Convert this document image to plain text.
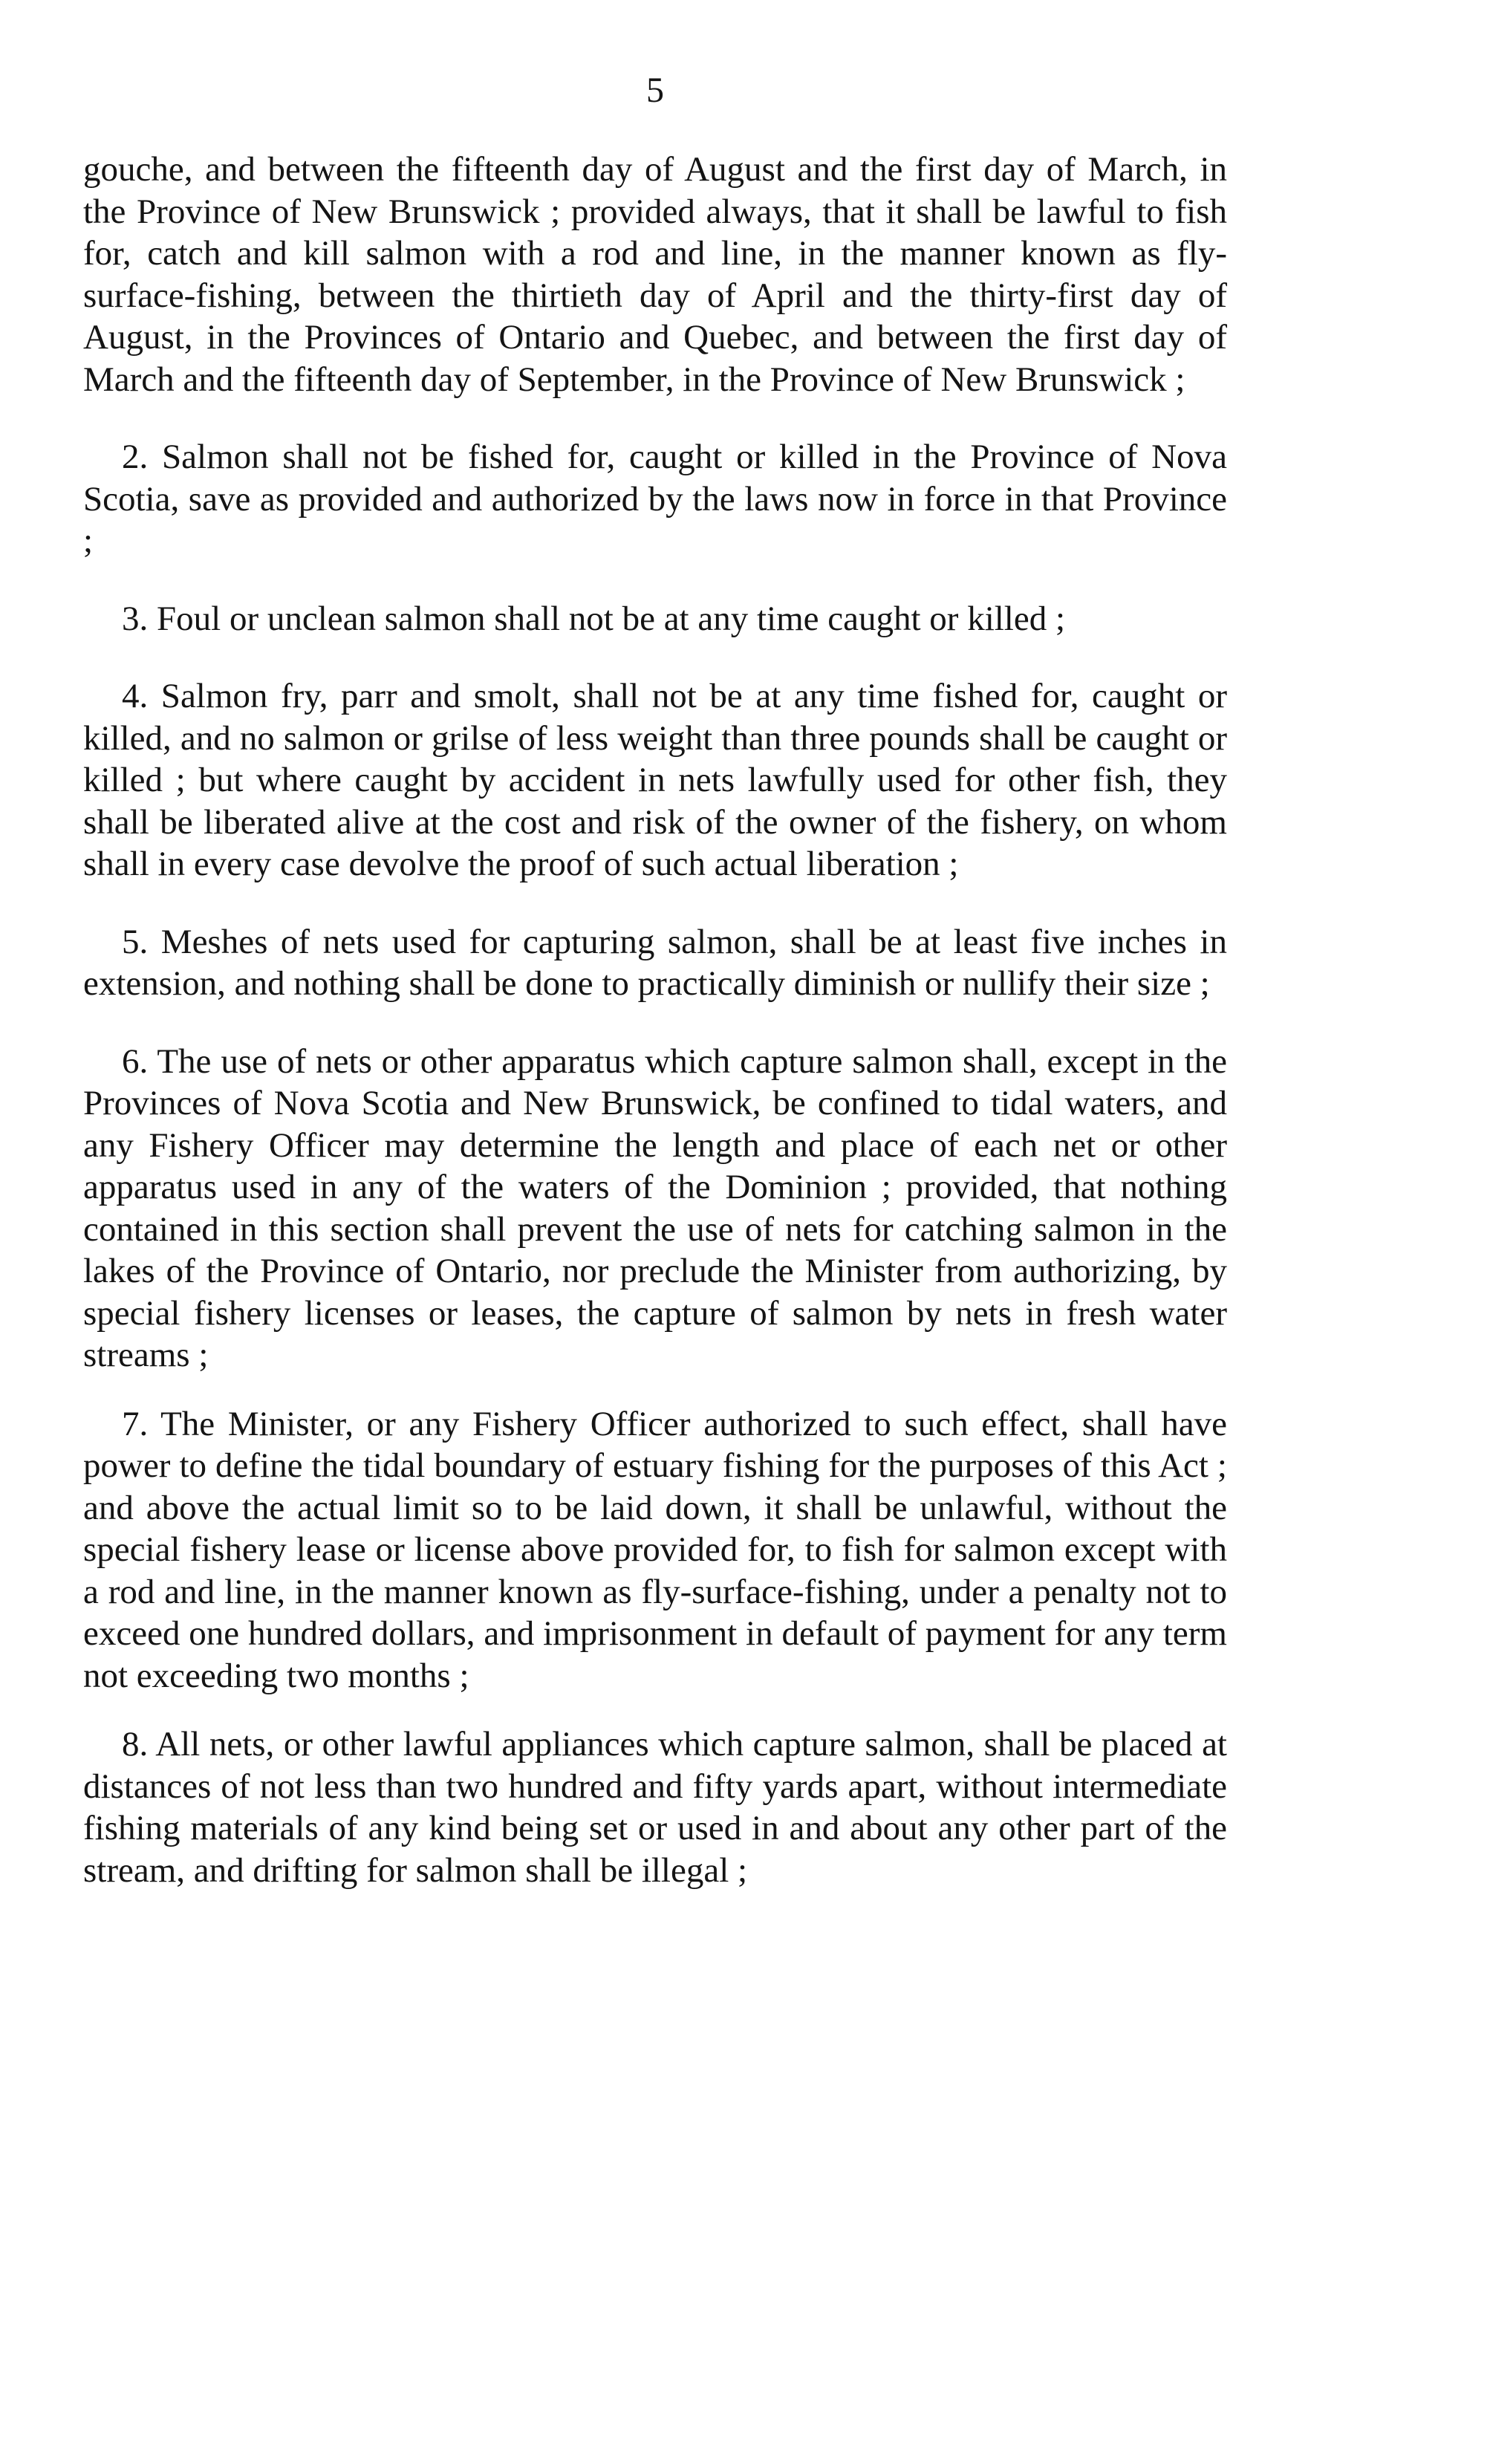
5

gouche, and between the fifteenth day of August and the first day of March, in the Province of New Brunswick ; provided always, that it shall be lawful to fish for, catch and kill salmon with a rod and line, in the manner known as fly-surface-fishing, between the thirtieth day of April and the thirty-first day of August, in the Provinces of Ontario and Quebec, and between the first day of March and the fifteenth day of September, in the Province of New Brunswick ;

2. Salmon shall not be fished for, caught or killed in the Province of Nova Scotia, save as provided and authorized by the laws now in force in that Province ;

3. Foul or unclean salmon shall not be at any time caught or killed ;

4. Salmon fry, parr and smolt, shall not be at any time fished for, caught or killed, and no salmon or grilse of less weight than three pounds shall be caught or killed ; but where caught by accident in nets lawfully used for other fish, they shall be liberated alive at the cost and risk of the owner of the fishery, on whom shall in every case devolve the proof of such actual liberation ;

5. Meshes of nets used for capturing salmon, shall be at least five inches in extension, and nothing shall be done to practically diminish or nullify their size ;

6. The use of nets or other apparatus which capture salmon shall, except in the Provinces of Nova Scotia and New Brunswick, be confined to tidal waters, and any Fishery Officer may determine the length and place of each net or other apparatus used in any of the waters of the Dominion ; provided, that nothing contained in this section shall prevent the use of nets for catching salmon in the lakes of the Province of Ontario, nor preclude the Minister from authorizing, by special fishery licenses or leases, the capture of salmon by nets in fresh water streams ;

7. The Minister, or any Fishery Officer authorized to such effect, shall have power to define the tidal boundary of estuary fishing for the purposes of this Act ; and above the actual limit so to be laid down, it shall be unlawful, without the special fishery lease or license above provided for, to fish for salmon except with a rod and line, in the manner known as fly-surface-fishing, under a penalty not to exceed one hundred dollars, and imprisonment in default of payment for any term not exceeding two months ;

8. All nets, or other lawful appliances which capture salmon, shall be placed at distances of not less than two hundred and fifty yards apart, without intermediate fishing materials of any kind being set or used in and about any other part of the stream, and drifting for salmon shall be illegal ;
